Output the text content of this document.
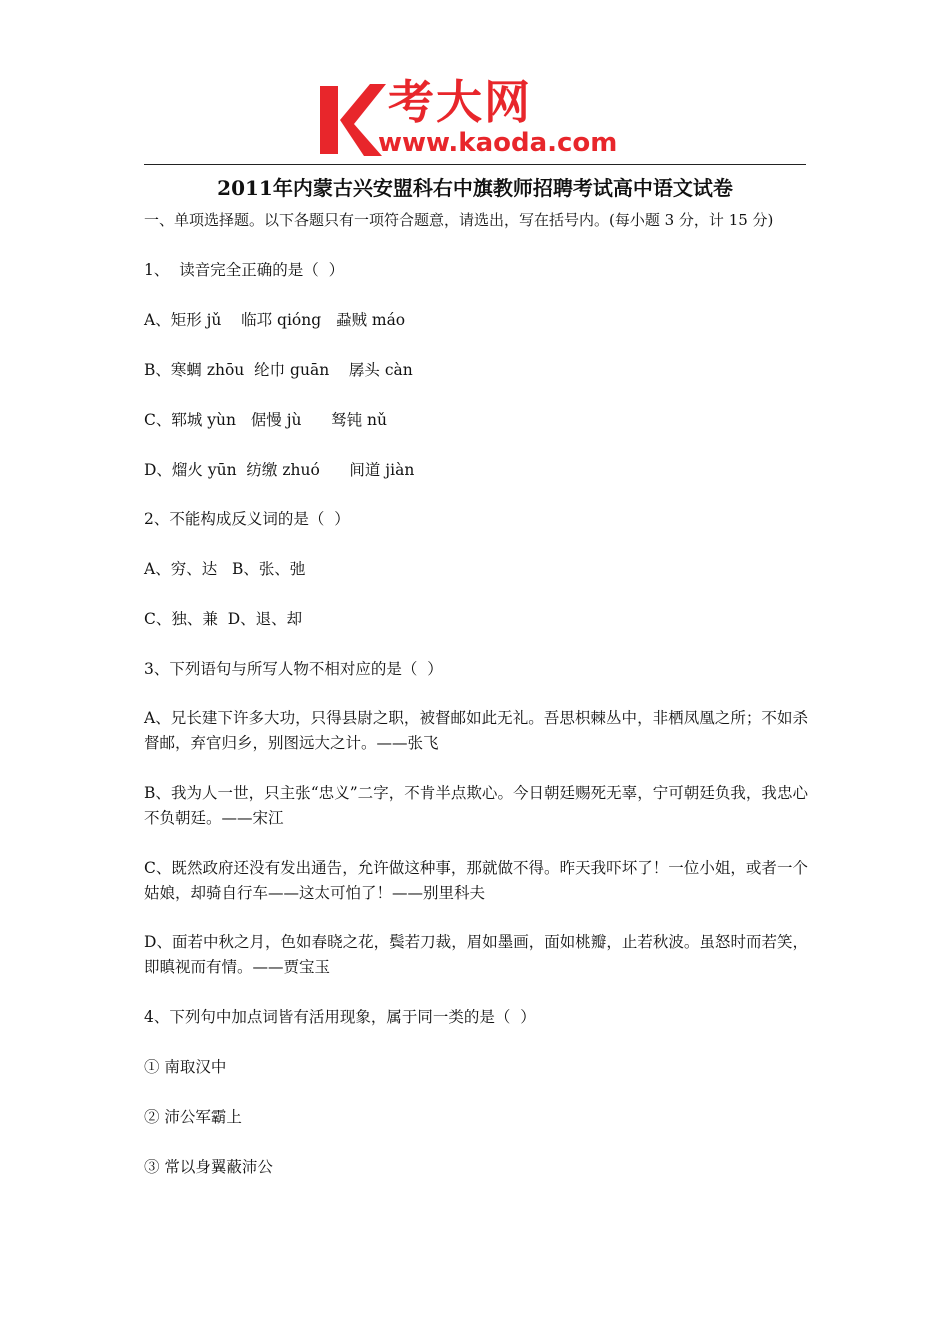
考大网
www.kaoda.com
2011年内蒙古兴安盟科右中旗教师招聘考试高中语文试卷

一、单项选择题。以下各题只有一项符合题意，请选出，写在括号内。(每小题 3 分，计 15 分)

1、  读音完全正确的是（  ）

A、矩形 jǔ    临邛 qióng   蝨贼 máo

B、寒蜩 zhōu  纶巾 guān    孱头 càn

C、郓城 yùn   倨慢 jù      驽钝 nǔ

D、熘火 yūn  纺缴 zhuó      间道 jiàn

2、不能构成反义词的是（  ）

A、穷、达   B、张、弛

C、独、兼  D、退、却

3、下列语句与所写人物不相对应的是（  ）

A、兄长建下许多大功，只得县尉之职，被督邮如此无礼。吾思枳棘丛中，非栖凤凰之所；不如杀督邮，弃官归乡，别图远大之计。——张飞

B、我为人一世，只主张“忠义”二字，不肯半点欺心。今日朝廷赐死无辜，宁可朝廷负我，我忠心不负朝廷。——宋江

C、既然政府还没有发出通告，允许做这种事，那就做不得。昨天我吓坏了！一位小姐，或者一个姑娘，却骑自行车——这太可怕了！——别里科夫

D、面若中秋之月，色如春晓之花，鬓若刀裁，眉如墨画，面如桃瓣，止若秋波。虽怒时而若笑，即瞋视而有情。——贾宝玉

4、下列句中加点词皆有活用现象，属于同一类的是（  ）

① 南取汉中

② 沛公军霸上

③ 常以身翼蔽沛公
